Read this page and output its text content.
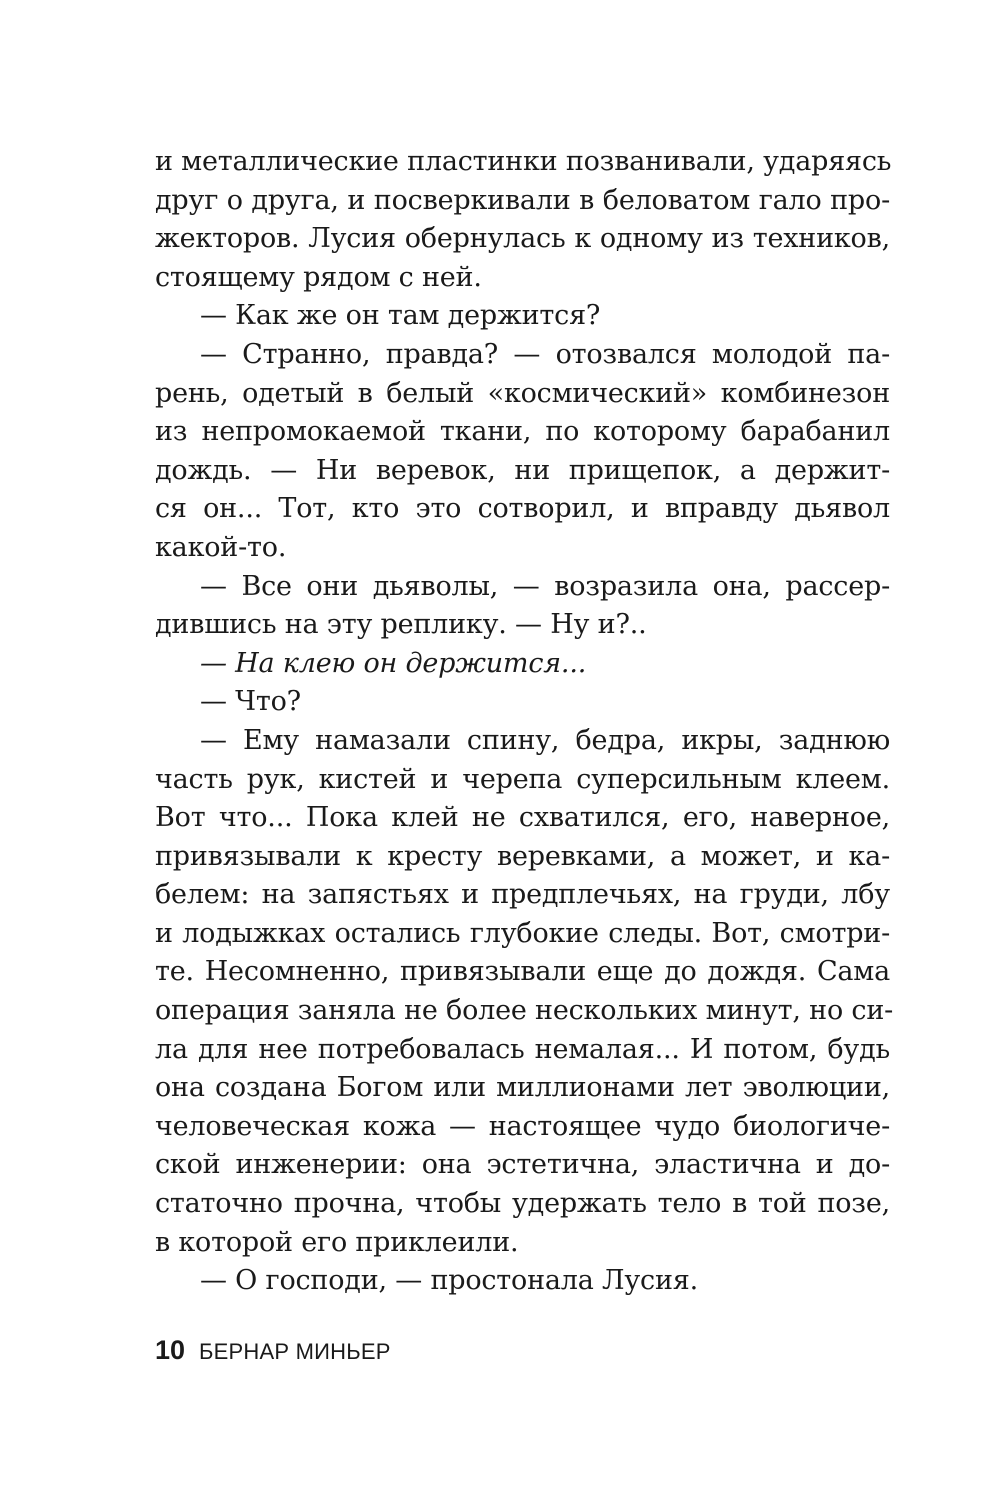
и металлические пластинки позванивали, ударяясь
друг о друга, и посверкивали в беловатом гало про-
жекторов. Лусия обернулась к одному из техников,
стоящему рядом с ней.
— Как же он там держится?
— Странно, правда? — отозвался молодой па-
рень, одетый в белый «космический» комбинезон
из непромокаемой ткани, по которому барабанил
дождь. — Ни веревок, ни прищепок, а держит-
ся он... Тот, кто это сотворил, и вправду дьявол
какой-то.
— Все они дьяволы, — возразила она, рассер-
дившись на эту реплику. — Ну и?..
— На клею он держится...
— Что?
— Ему намазали спину, бедра, икры, заднюю
часть рук, кистей и черепа суперсильным клеем.
Вот что... Пока клей не схватился, его, наверное,
привязывали к кресту веревками, а может, и ка-
белем: на запястьях и предплечьях, на груди, лбу
и лодыжках остались глубокие следы. Вот, смотри-
те. Несомненно, привязывали еще до дождя. Сама
операция заняла не более нескольких минут, но си-
ла для нее потребовалась немалая... И потом, будь
она создана Богом или миллионами лет эволюции,
человеческая кожа — настоящее чудо биологиче-
ской инженерии: она эстетична, эластична и до-
статочно прочна, чтобы удержать тело в той позе,
в которой его приклеили.
— О господи, — простонала Лусия.
10 БЕРНАР МИНЬЕР
